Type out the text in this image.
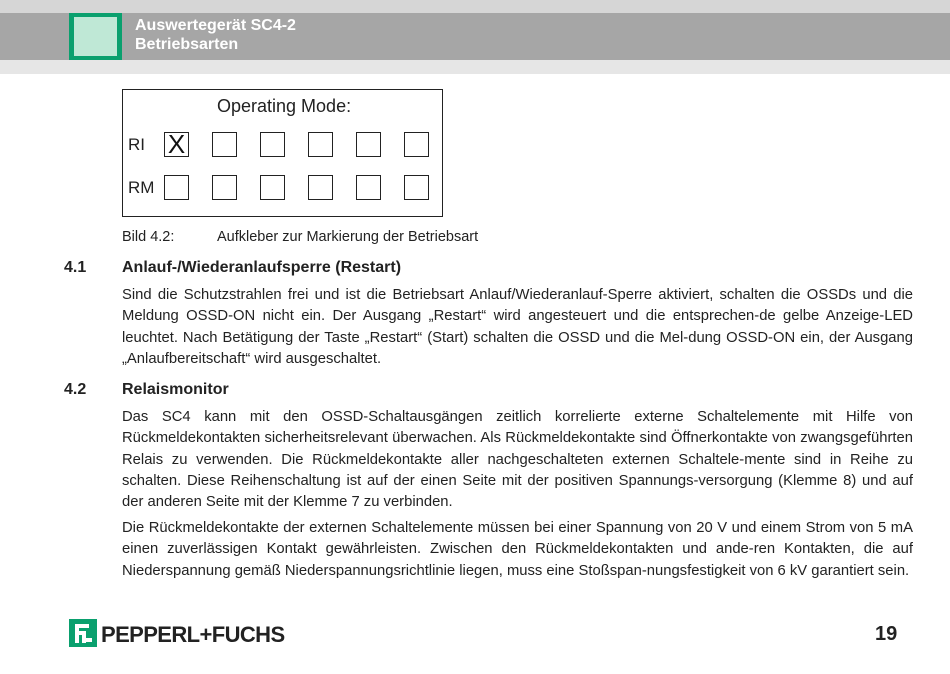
Auswertegerät SC4-2
Betriebsarten
Operating Mode:
RI
RM
X
Bild 4.2:	Aufkleber zur Markierung der Betriebsart
4.1 Anlauf-/Wiederanlaufsperre (Restart)
Sind die Schutzstrahlen frei und ist die Betriebsart Anlauf/Wiederanlauf-Sperre aktiviert, schalten die OSSDs und die Meldung OSSD-ON nicht ein. Der Ausgang „Restart“ wird angesteuert und die entsprechen-de gelbe Anzeige-LED leuchtet. Nach Betätigung der Taste „Restart“ (Start) schalten die OSSD und die Mel-dung OSSD-ON ein, der Ausgang „Anlaufbereitschaft“ wird ausgeschaltet.
4.2 Relaismonitor
Das SC4 kann mit den OSSD-Schaltausgängen zeitlich korrelierte externe Schaltelemente mit Hilfe von Rückmeldekontakten sicherheitsrelevant überwachen. Als Rückmeldekontakte sind Öffnerkontakte von zwangsgeführten Relais zu verwenden. Die Rückmeldekontakte aller nachgeschalteten externen Schaltele-mente sind in Reihe zu schalten. Diese Reihenschaltung ist auf der einen Seite mit der positiven Spannungs-versorgung (Klemme 8) und auf der anderen Seite mit der Klemme 7 zu verbinden.
Die Rückmeldekontakte der externen Schaltelemente müssen bei einer Spannung von 20 V und einem Strom von 5 mA einen zuverlässigen Kontakt gewährleisten. Zwischen den Rückmeldekontakten und ande-ren Kontakten, die auf Niederspannung gemäß Niederspannungsrichtlinie liegen, muss eine Stoßspan-nungsfestigkeit von 6 kV garantiert sein.
PEPPERL+FUCHS	19
